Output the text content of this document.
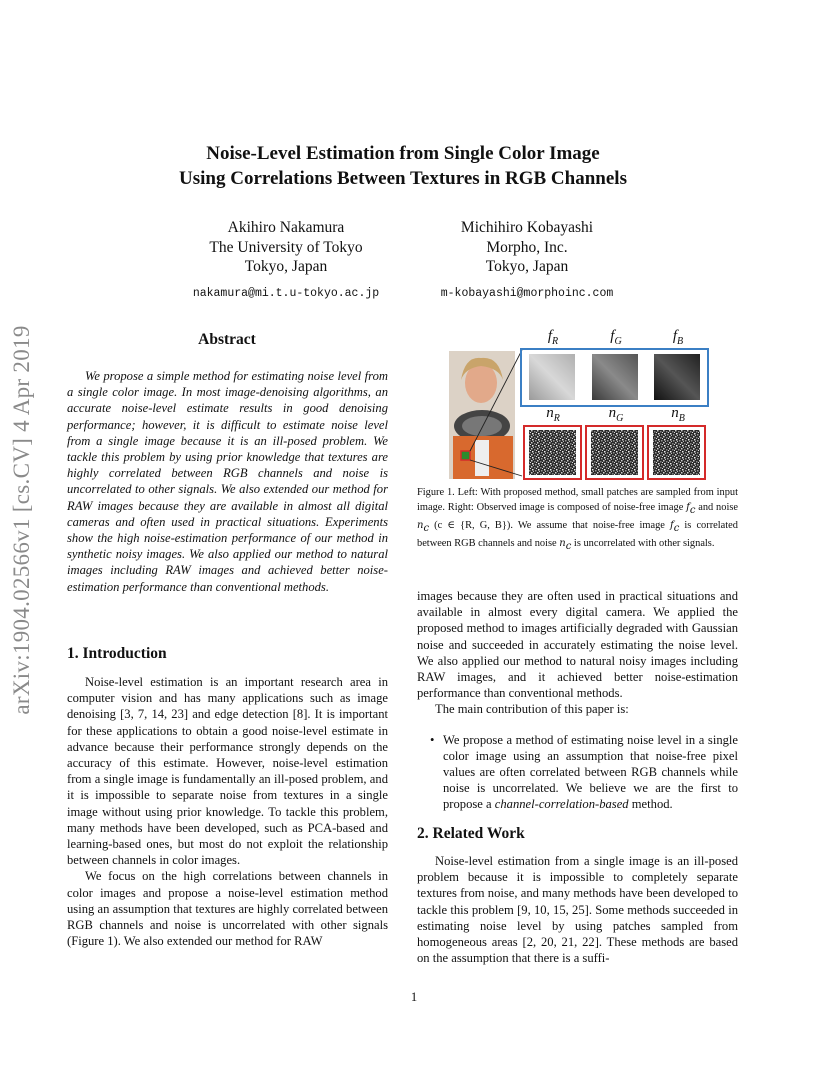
arXiv:1904.02566v1 [cs.CV] 4 Apr 2019
Noise-Level Estimation from Single Color Image
Using Correlations Between Textures in RGB Channels
Akihiro Nakamura
The University of Tokyo
Tokyo, Japan
nakamura@mi.t.u-tokyo.ac.jp
Michihiro Kobayashi
Morpho, Inc.
Tokyo, Japan
m-kobayashi@morphoinc.com
Abstract
We propose a simple method for estimating noise level from a single color image. In most image-denoising algorithms, an accurate noise-level estimate results in good denoising performance; however, it is difficult to estimate noise level from a single image because it is an ill-posed problem. We tackle this problem by using prior knowledge that textures are highly correlated between RGB channels and noise is uncorrelated to other signals. We also extended our method for RAW images because they are available in almost all digital cameras and often used in practical situations. Experiments show the high noise-estimation performance of our method in synthetic noisy images. We also applied our method to natural images including RAW images and achieved better noise-estimation performance than conventional methods.
1. Introduction

Noise-level estimation is an important research area in computer vision and has many applications such as image denoising [3, 7, 14, 23] and edge detection [8]. It is important for these applications to obtain a good noise-level estimate in advance because their performance strongly depends on the accuracy of this estimate. However, noise-level estimation from a single image is fundamentally an ill-posed problem, and it is impossible to separate noise from textures in a single image without using prior knowledge. To tackle this problem, many methods have been developed, such as PCA-based and learning-based ones, but most do not exploit the relationship between channels in color images.

We focus on the high correlations between channels in color images and propose a noise-level estimation method using an assumption that textures are highly correlated between RGB channels and noise is uncorrelated with other signals (Figure 1). We also extended our method for RAW

$f_R$	$f_G$	$f_B$
$n_R$	$n_G$	$n_B$
Figure 1. Left: With proposed method, small patches are sampled from input image. Right: Observed image is composed of noise-free image $f_c$ and noise $n_c$ (c ∈ {R, G, B}). We assume that noise-free image $f_c$ is correlated between RGB channels and noise $n_c$ is uncorrelated with other signals.

images because they are often used in practical situations and available in almost every digital camera. We applied the proposed method to images artificially degraded with Gaussian noise and succeeded in accurately estimating the noise level. We also applied our method to natural noisy images including RAW images, and it achieved better noise-estimation performance than conventional methods.

The main contribution of this paper is:

• We propose a method of estimating noise level in a single color image using an assumption that noise-free pixel values are often correlated between RGB channels while noise is uncorrelated. We believe we are the first to propose a channel-correlation-based method.
2. Related Work

Noise-level estimation from a single image is an ill-posed problem because it is impossible to completely separate textures from noise, and many methods have been developed to tackle this problem [9, 10, 15, 25]. Some methods succeeded in estimating noise level by using patches sampled from homogeneous areas [2, 20, 21, 22]. These methods are based on the assumption that there is a suffi-

1
